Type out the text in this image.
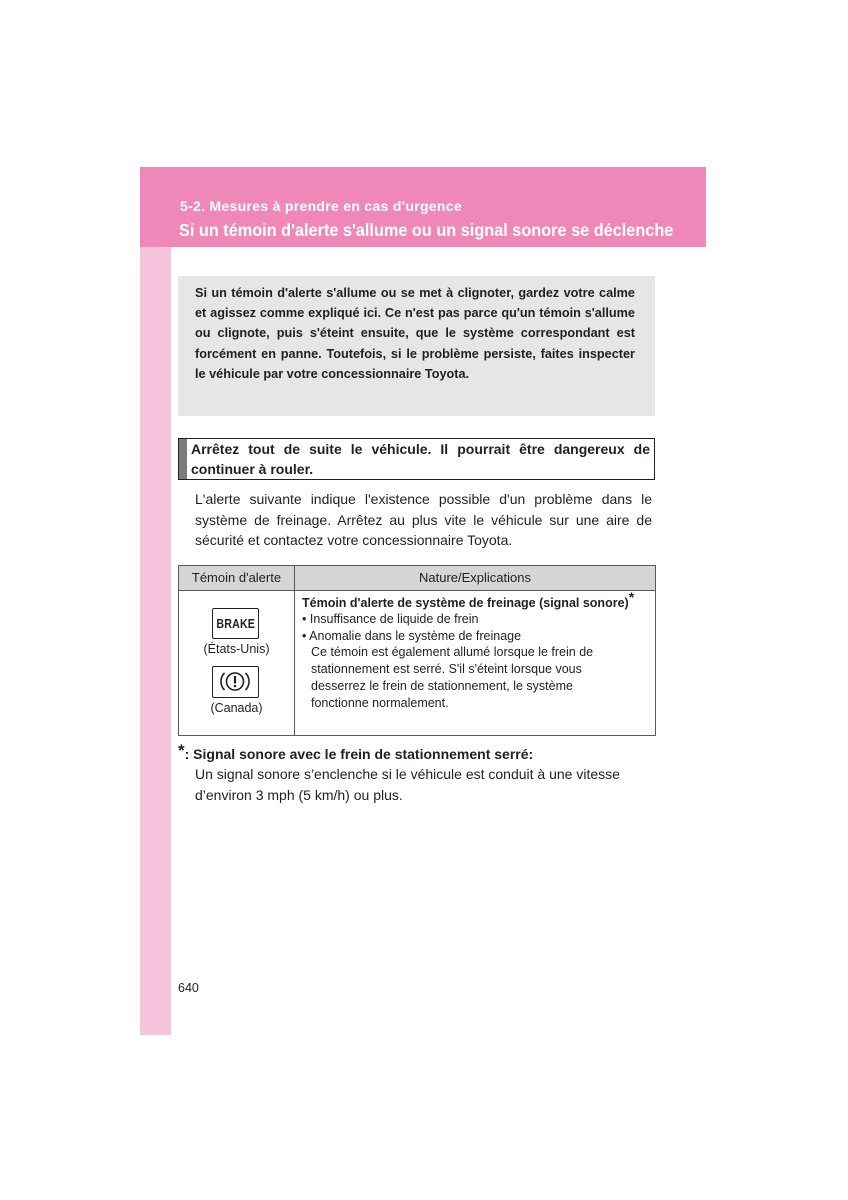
5-2. Mesures à prendre en cas d'urgence
Si un témoin d'alerte s'allume ou un signal sonore se déclenche

Si un témoin d'alerte s'allume ou se met à clignoter, gardez votre calme et agissez comme expliqué ici. Ce n'est pas parce qu'un témoin s'allume ou clignote, puis s'éteint ensuite, que le système correspondant est forcément en panne. Toutefois, si le problème persiste, faites inspecter le véhicule par votre concessionnaire Toyota.

Arrêtez tout de suite le véhicule. Il pourrait être dangereux de continuer à rouler.

L'alerte suivante indique l'existence possible d'un problème dans le système de freinage. Arrêtez au plus vite le véhicule sur une aire de sécurité et contactez votre concessionnaire Toyota.

Témoin d'alerte	Nature/Explications
BRAKE
(États-Unis)
(Canada)
Témoin d'alerte de système de freinage (signal sonore)*
• Insuffisance de liquide de frein
• Anomalie dans le système de freinage
Ce témoin est également allumé lorsque le frein de
stationnement est serré. S'il s'éteint lorsque vous
desserrez le frein de stationnement, le système
fonctionne normalement.
*: Signal sonore avec le frein de stationnement serré:

Un signal sonore s’enclenche si le véhicule est conduit à une vitesse d’environ 3 mph (5 km/h) ou plus.

640
